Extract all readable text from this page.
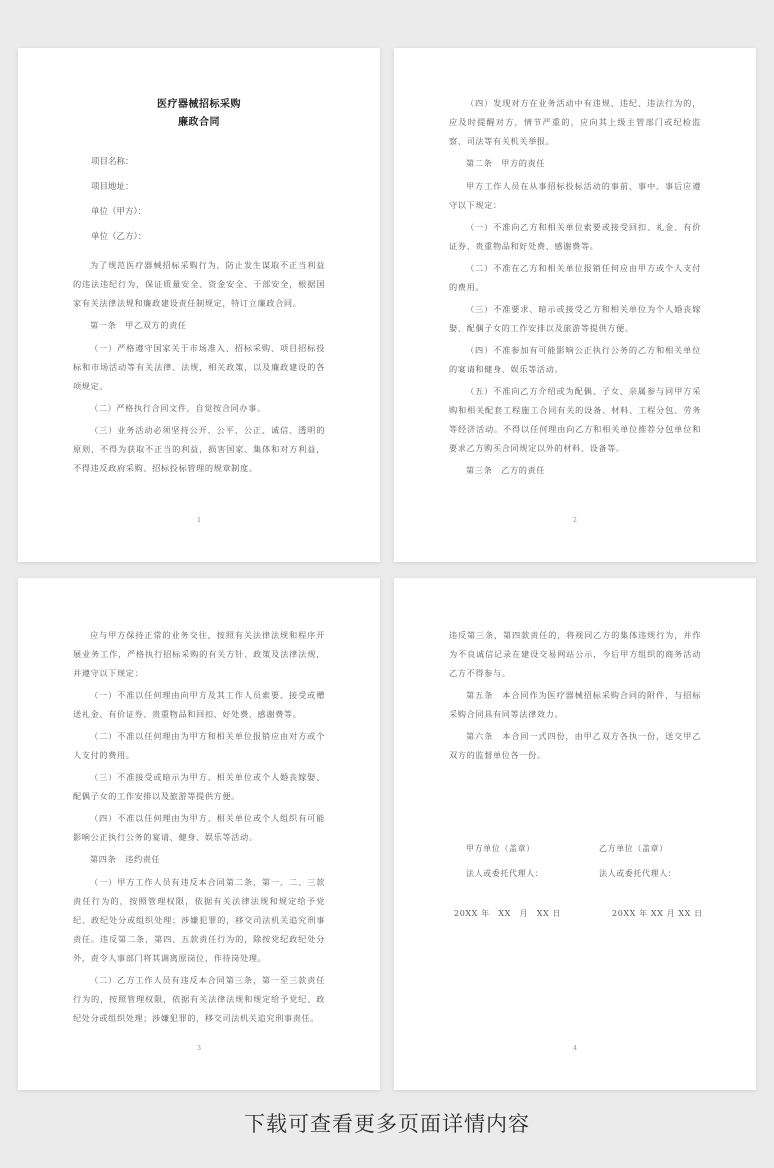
医疗器械招标采购
廉政合同
项目名称：
项目地址：
单位（甲方）：
单位（乙方）：

为了规范医疗器械招标采购行为，防止发生谋取不正当利益的违法违纪行为，保证质量安全、资金安全、干部安全，根据国家有关法律法规和廉政建设责任制规定，特订立廉政合同。

第一条　甲乙双方的责任

（一）严格遵守国家关于市场准入、招标采购、项目招标投标和市场活动等有关法律、法规，相关政策，以及廉政建设的各项规定。

（二）严格执行合同文件，自觉按合同办事。

（三）业务活动必须坚持公开、公平、公正、诚信、透明的原则，不得为获取不正当的利益，损害国家、集体和对方利益，不得违反政府采购、招标投标管理的规章制度。

1

（四）发现对方在业务活动中有违规、违纪、违法行为的，应及时提醒对方，情节严重的，应向其上级主管部门或纪检监察、司法等有关机关举报。

第二条　甲方的责任

甲方工作人员在从事招标投标活动的事前、事中、事后应遵守以下规定：

（一）不准向乙方和相关单位索要或接受回扣、礼金、有价证券、贵重物品和好处费、感谢费等。

（二）不准在乙方和相关单位报销任何应由甲方或个人支付的费用。

（三）不准要求、暗示或接受乙方和相关单位为个人婚丧嫁娶、配偶子女的工作安排以及旅游等提供方便。

（四）不准参加有可能影响公正执行公务的乙方和相关单位的宴请和健身、娱乐等活动。

（五）不准向乙方介绍或为配偶、子女、亲属参与同甲方采购和相关配套工程施工合同有关的设备、材料、工程分包、劳务等经济活动。不得以任何理由向乙方和相关单位推荐分包单位和要求乙方购买合同规定以外的材料、设备等。

第三条　乙方的责任
2

应与甲方保持正常的业务交往，按照有关法律法规和程序开展业务工作，严格执行招标采购的有关方针、政策及法律法规，并遵守以下规定：

（一）不准以任何理由向甲方及其工作人员索要、接受或赠送礼金、有价证券、贵重物品和回扣、好处费、感谢费等。

（二）不准以任何理由为甲方和相关单位报销应由对方或个人支付的费用。

（三）不准接受或暗示为甲方、相关单位或个人婚丧嫁娶、配偶子女的工作安排以及旅游等提供方便。

（四）不准以任何理由为甲方、相关单位或个人组织有可能影响公正执行公务的宴请、健身、娱乐等活动。

第四条　违约责任

（一）甲方工作人员有违反本合同第二条，第一、二、三款责任行为的，按照管理权限，依据有关法律法规和规定给予党纪、政纪处分或组织处理；涉嫌犯罪的，移交司法机关追究刑事责任。违反第二条，第四、五款责任行为的，除按党纪政纪处分外，责令人事部门将其调离原岗位，作待岗处理。

（二）乙方工作人员有违反本合同第三条，第一至三款责任行为的，按照管理权限，依据有关法律法规和规定给予党纪、政纪处分或组织处理；涉嫌犯罪的，移交司法机关追究刑事责任。

3

违反第三条，第四款责任的，将视同乙方的集体违规行为，并作为不良诚信记录在建设交易网站公示，今后甲方组织的商务活动乙方不得参与。

第五条　本合同作为医疗器械招标采购合同的附件，与招标采购合同具有同等法律效力。

第六条　本合同一式四份，由甲乙双方各执一份，送交甲乙双方的监督单位各一份。

甲方单位（盖章）	乙方单位（盖章）
法人或委托代理人：	法人或委托代理人：
20XX 年　XX　月　XX 日	20XX 年 XX 月 XX 日
4
下载可查看更多页面详情内容
